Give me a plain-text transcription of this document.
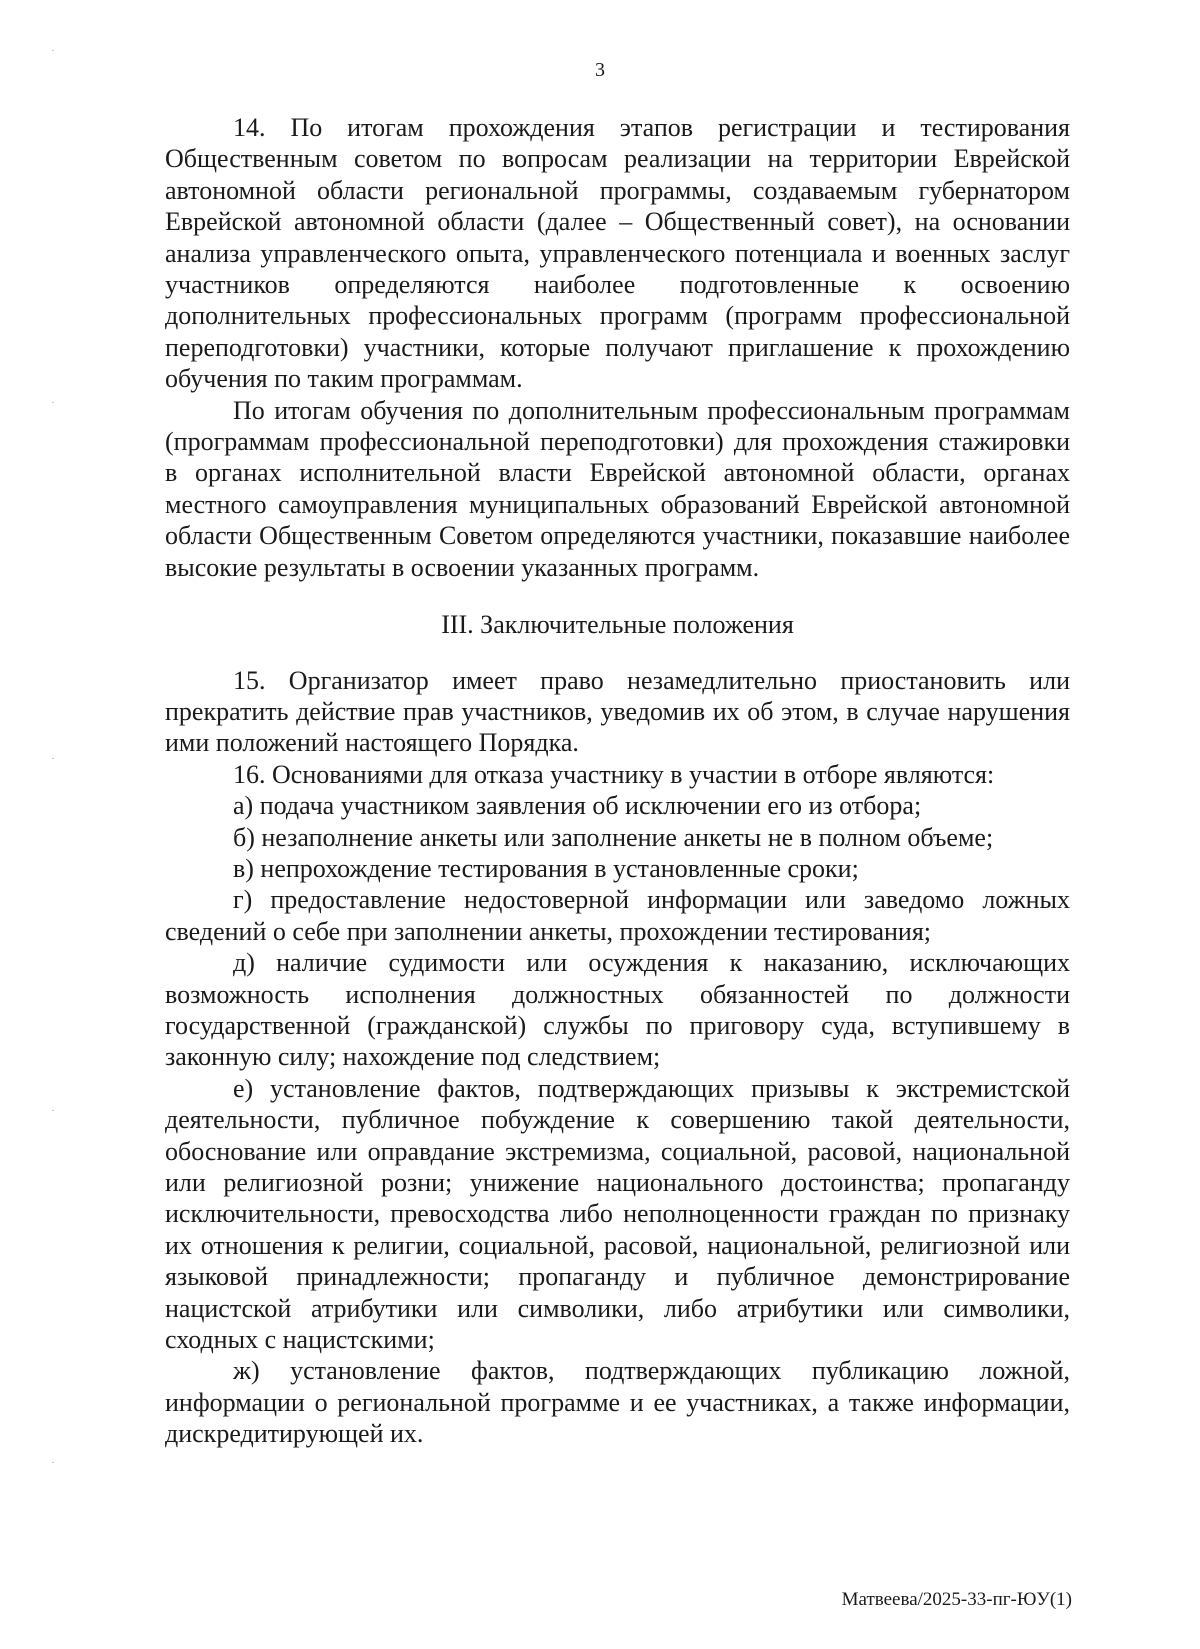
3

14. По итогам прохождения этапов регистрации и тестирования Общественным советом по вопросам реализации на территории Еврейской автономной области региональной программы, создаваемым губернатором Еврейской автономной области (далее – Общественный совет), на основании анализа управленческого опыта, управленческого потенциала и военных заслуг участников определяются наиболее подготовленные к освоению дополнительных профессиональных программ (программ профессиональной переподготовки) участники, которые получают приглашение к прохождению обучения по таким программам.

По итогам обучения по дополнительным профессиональным программам (программам профессиональной переподготовки) для прохождения стажировки в органах исполнительной власти Еврейской автономной области, органах местного самоуправления муниципальных образований Еврейской автономной области Общественным Советом определяются участники, показавшие наиболее высокие результаты в освоении указанных программ.

III. Заключительные положения

15. Организатор имеет право незамедлительно приостановить или прекратить действие прав участников, уведомив их об этом, в случае нарушения ими положений настоящего Порядка.

16. Основаниями для отказа участнику в участии в отборе являются:

а) подача участником заявления об исключении его из отбора;

б) незаполнение анкеты или заполнение анкеты не в полном объеме;

в) непрохождение тестирования в установленные сроки;

г) предоставление недостоверной информации или заведомо ложных сведений о себе при заполнении анкеты, прохождении тестирования;

д) наличие судимости или осуждения к наказанию, исключающих возможность исполнения должностных обязанностей по должности государственной (гражданской) службы по приговору суда, вступившему в законную силу; нахождение под следствием;

е) установление фактов, подтверждающих призывы к экстремистской деятельности, публичное побуждение к совершению такой деятельности, обоснование или оправдание экстремизма, социальной, расовой, национальной или религиозной розни; унижение национального достоинства; пропаганду исключительности, превосходства либо неполноценности граждан по признаку их отношения к религии, социальной, расовой, национальной, религиозной или языковой принадлежности; пропаганду и публичное демонстрирование нацистской атрибутики или символики, либо атрибутики или символики, сходных с нацистскими;

ж) установление фактов, подтверждающих публикацию ложной, информации о региональной программе и ее участниках, а также информации, дискредитирующей их.

Матвеева/2025-33-пг-ЮУ(1)
